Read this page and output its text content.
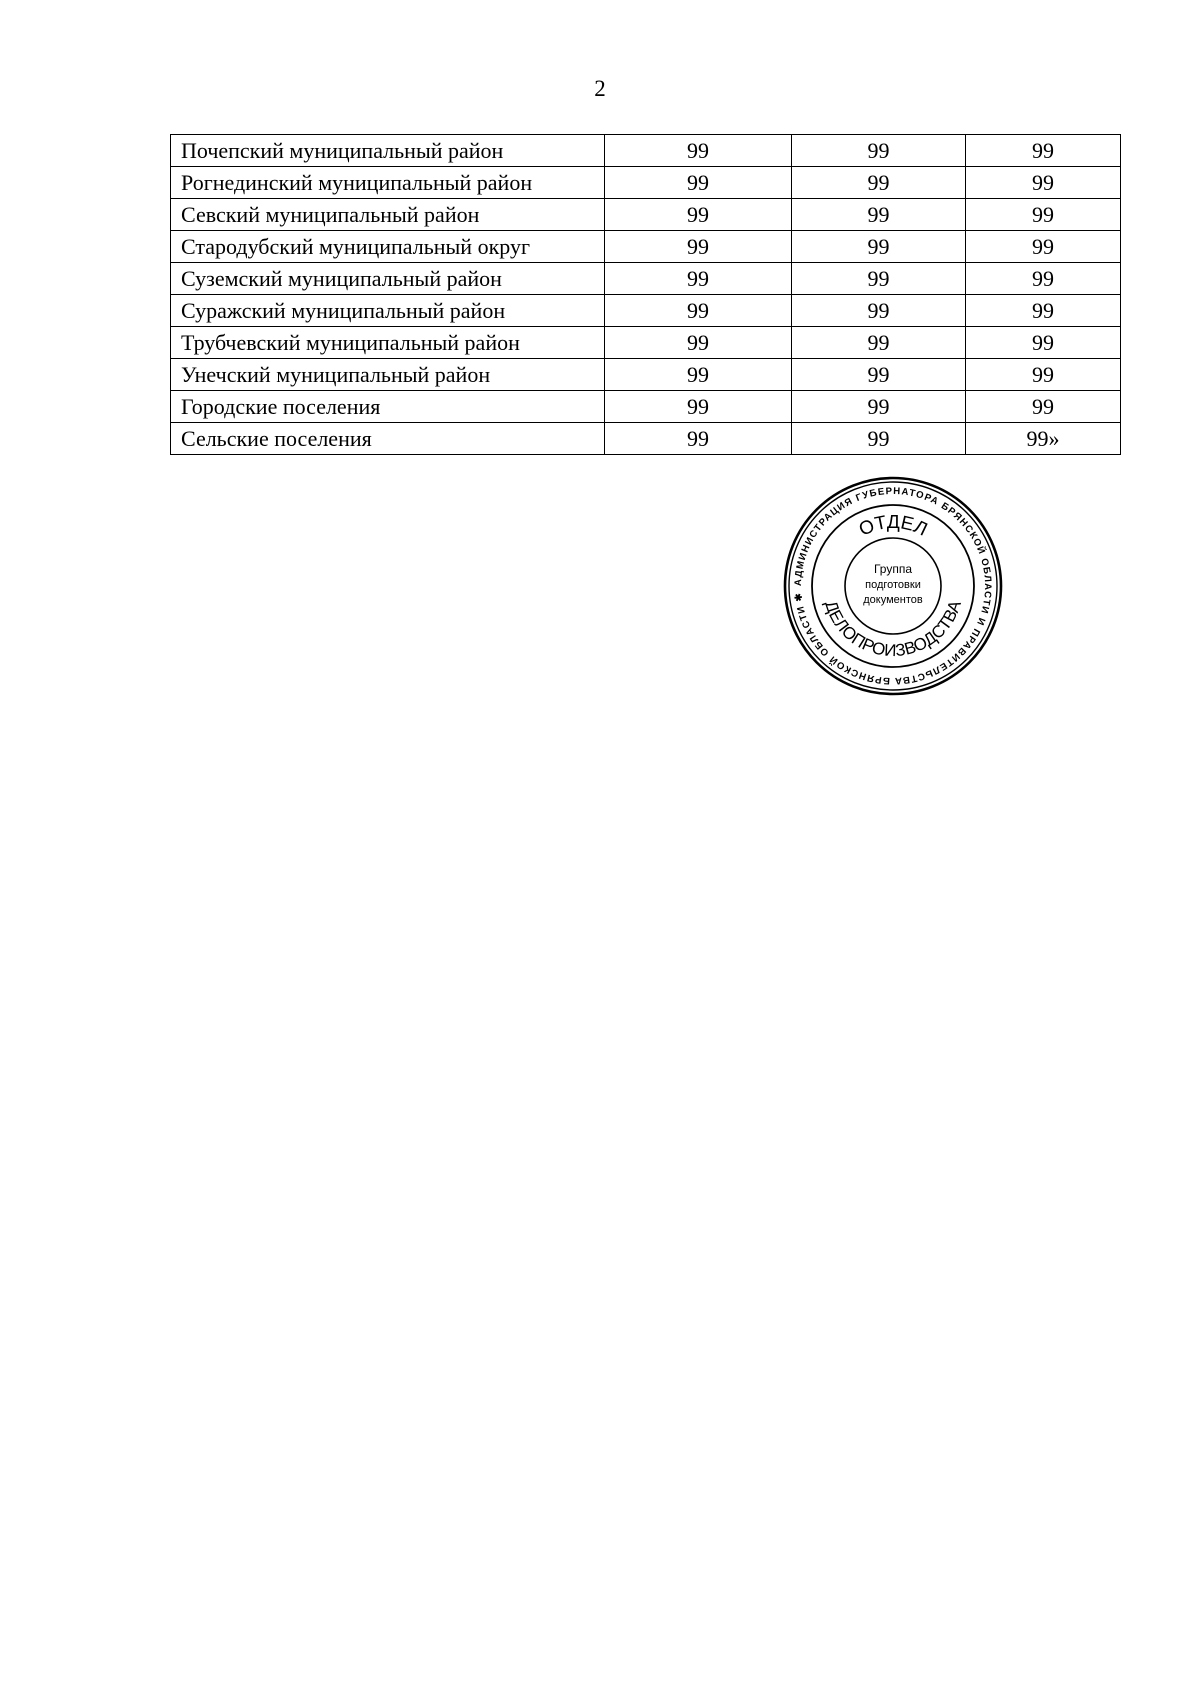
2
Почепский муниципальный район	99	99	99
Рогнединский муниципальный район	99	99	99
Севский муниципальный район	99	99	99
Стародубский муниципальный округ	99	99	99
Суземский муниципальный район	99	99	99
Суражский муниципальный район	99	99	99
Трубчевский муниципальный район	99	99	99
Унечский муниципальный район	99	99	99
Городские поселения	99	99	99
Сельские поселения	99	99	99»
АДМИНИСТРАЦИЯ ГУБЕРНАТОРА БРЯНСКОЙ ОБЛАСТИ И ПРАВИТЕЛЬСТВА БРЯНСКОЙ ОБЛАСТИ ✱
ОТДЕЛ
ДЕЛОПРОИЗВОДСТВА
Группа
подготовки
документов
